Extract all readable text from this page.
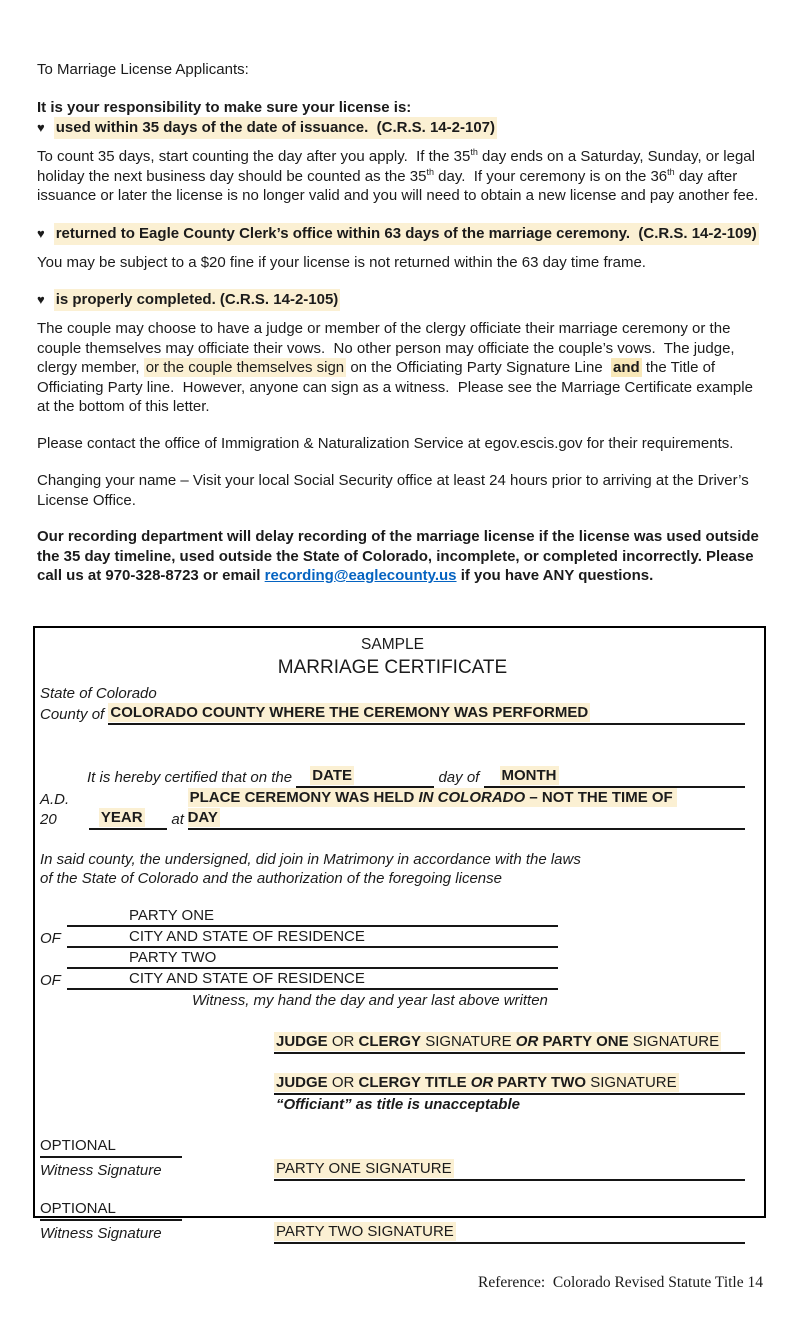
To Marriage License Applicants:

It is your responsibility to make sure your license is:

♥ used within 35 days of the date of issuance.  (C.R.S. 14-2-107)

To count 35 days, start counting the day after you apply.  If the 35th day ends on a Saturday, Sunday, or legal holiday the next business day should be counted as the 35th day.  If your ceremony is on the 36th day after issuance or later the license is no longer valid and you will need to obtain a new license and pay another fee.

♥ returned to Eagle County Clerk’s office within 63 days of the marriage ceremony.  (C.R.S. 14-2-109)

You may be subject to a $20 fine if your license is not returned within the 63 day time frame.

♥ is properly completed. (C.R.S. 14-2-105)

The couple may choose to have a judge or member of the clergy officiate their marriage ceremony or the couple themselves may officiate their vows.  No other person may officiate the couple’s vows.  The judge, clergy member, or the couple themselves sign on the Officiating Party Signature Line  and the Title of Officiating Party line.  However, anyone can sign as a witness.  Please see the Marriage Certificate example at the bottom of this letter.

Please contact the office of Immigration & Naturalization Service at egov.escis.gov for their requirements.

Changing your name – Visit your local Social Security office at least 24 hours prior to arriving at the Driver’s License Office.

Our recording department will delay recording of the marriage license if the license was used outside the 35 day timeline, used outside the State of Colorado, incomplete, or completed incorrectly. Please call us at 970-328-8723 or email recording@eaglecounty.us if you have ANY questions.

SAMPLE
MARRIAGE CERTIFICATE
State of Colorado
County of COLORADO COUNTY WHERE THE CEREMONY WAS PERFORMED
It is hereby certified that on the	DATE	day of	MONTH
A.D. 20	YEAR	at
PLACE CEREMONY WAS HELD IN COLORADO – NOT THE TIME OF DAY
In said county, the undersigned, did join in Matrimony in accordance with the laws
of the State of Colorado and the authorization of the foregoing license
PARTY ONE
OF	CITY AND STATE OF RESIDENCE
PARTY TWO
OF	CITY AND STATE OF RESIDENCE
Witness, my hand the day and year last above written
JUDGE OR CLERGY SIGNATURE OR PARTY ONE SIGNATURE
JUDGE OR CLERGY TITLE OR PARTY TWO SIGNATURE
“Officiant” as title is unacceptable
OPTIONAL
Witness Signature	PARTY ONE SIGNATURE
OPTIONAL
Witness Signature	PARTY TWO SIGNATURE
Reference:  Colorado Revised Statute Title 14
